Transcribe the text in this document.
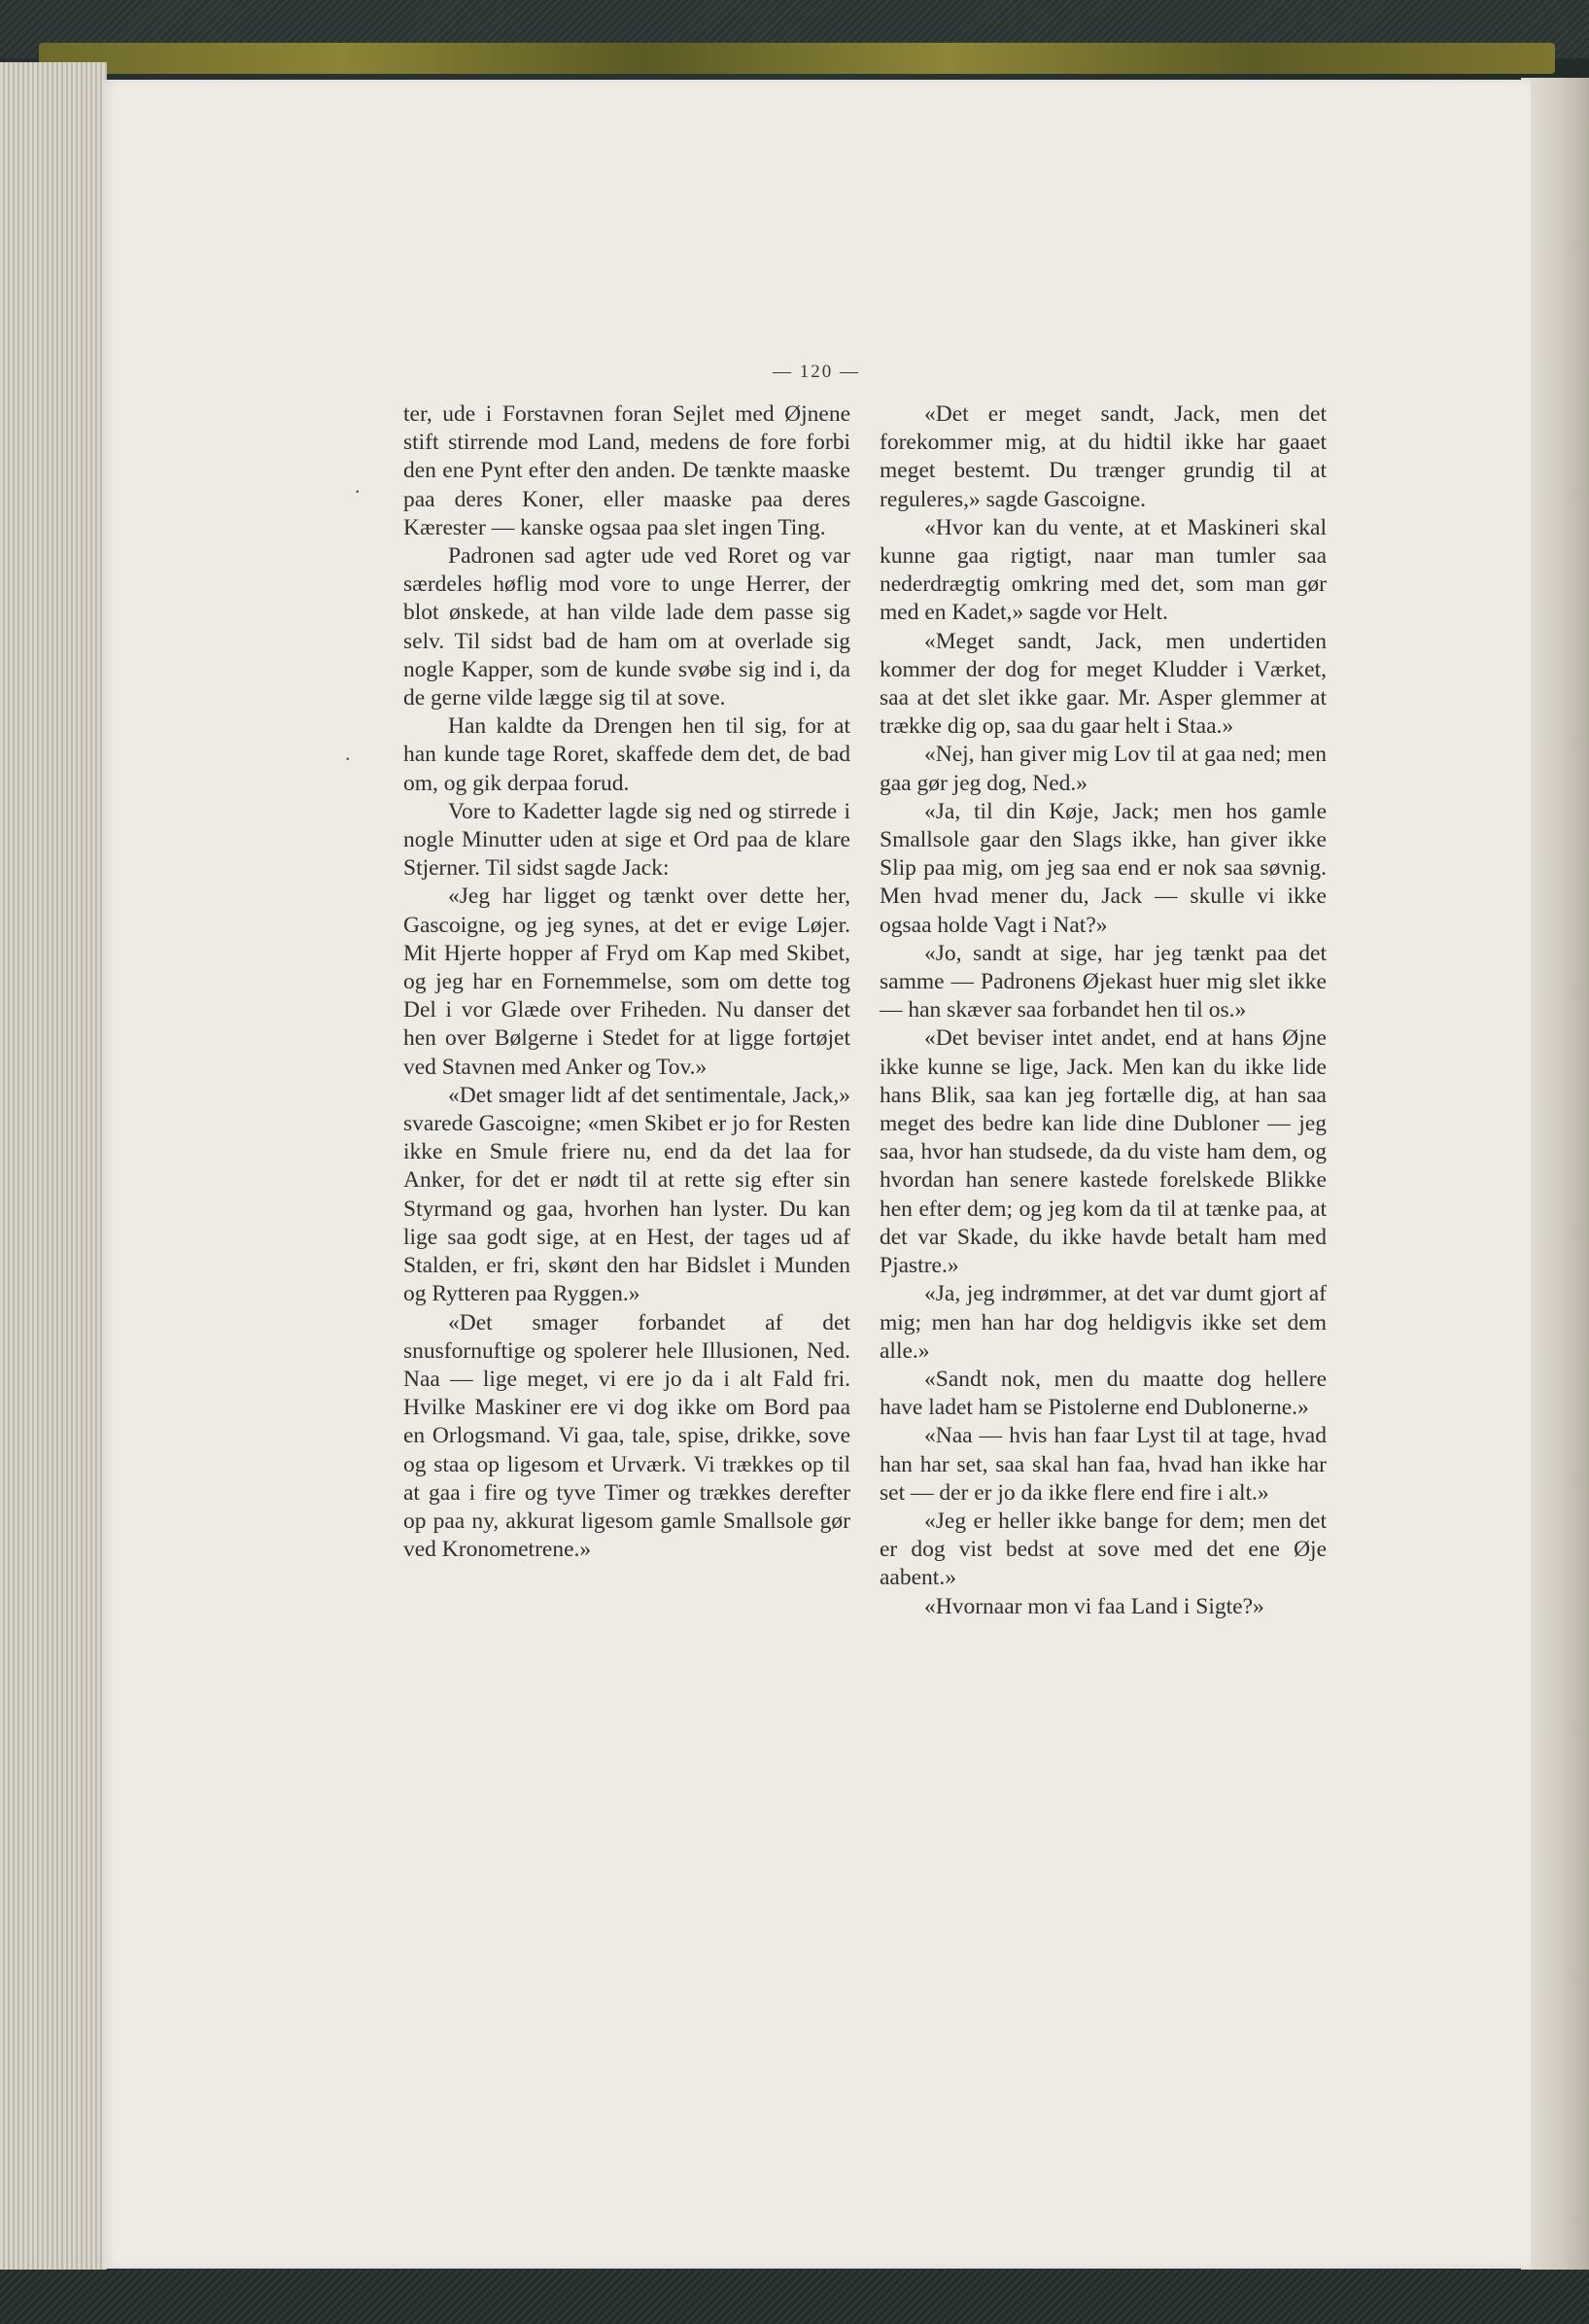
— 120 —
.
.

ter, ude i Forstavnen foran Sejlet med Øjnene stift stirrende mod Land, medens de fore forbi den ene Pynt efter den anden. De tænkte maaske paa deres Koner, eller maaske paa deres Kærester — kanske ogsaa paa slet ingen Ting.

Padronen sad agter ude ved Roret og var særdeles høflig mod vore to unge Herrer, der blot ønskede, at han vilde lade dem passe sig selv. Til sidst bad de ham om at overlade sig nogle Kapper, som de kunde svøbe sig ind i, da de gerne vilde lægge sig til at sove.

Han kaldte da Drengen hen til sig, for at han kunde tage Roret, skaffede dem det, de bad om, og gik derpaa forud.

Vore to Kadetter lagde sig ned og stirrede i nogle Minutter uden at sige et Ord paa de klare Stjerner. Til sidst sagde Jack:

«Jeg har ligget og tænkt over dette her, Gascoigne, og jeg synes, at det er evige Løjer. Mit Hjerte hopper af Fryd om Kap med Skibet, og jeg har en Fornemmelse, som om dette tog Del i vor Glæde over Friheden. Nu danser det hen over Bølgerne i Stedet for at ligge fortøjet ved Stavnen med Anker og Tov.»

«Det smager lidt af det sentimentale, Jack,» svarede Gascoigne; «men Skibet er jo for Resten ikke en Smule friere nu, end da det laa for Anker, for det er nødt til at rette sig efter sin Styrmand og gaa, hvorhen han lyster. Du kan lige saa godt sige, at en Hest, der tages ud af Stalden, er fri, skønt den har Bidslet i Munden og Rytteren paa Ryggen.»

«Det smager forbandet af det snusfornuftige og spolerer hele Illusionen, Ned. Naa — lige meget, vi ere jo da i alt Fald fri. Hvilke Maskiner ere vi dog ikke om Bord paa en Orlogsmand. Vi gaa, tale, spise, drikke, sove og staa op ligesom et Urværk. Vi trækkes op til at gaa i fire og tyve Timer og trækkes derefter op paa ny, akkurat ligesom gamle Smallsole gør ved Kronometrene.»

«Det er meget sandt, Jack, men det forekommer mig, at du hidtil ikke har gaaet meget bestemt. Du trænger grundig til at reguleres,» sagde Gascoigne.

«Hvor kan du vente, at et Maskineri skal kunne gaa rigtigt, naar man tumler saa nederdrægtig omkring med det, som man gør med en Kadet,» sagde vor Helt.

«Meget sandt, Jack, men undertiden kommer der dog for meget Kludder i Værket, saa at det slet ikke gaar. Mr. Asper glemmer at trække dig op, saa du gaar helt i Staa.»

«Nej, han giver mig Lov til at gaa ned; men gaa gør jeg dog, Ned.»

«Ja, til din Køje, Jack; men hos gamle Smallsole gaar den Slags ikke, han giver ikke Slip paa mig, om jeg saa end er nok saa søvnig. Men hvad mener du, Jack — skulle vi ikke ogsaa holde Vagt i Nat?»

«Jo, sandt at sige, har jeg tænkt paa det samme — Padronens Øjekast huer mig slet ikke — han skæver saa forbandet hen til os.»

«Det beviser intet andet, end at hans Øjne ikke kunne se lige, Jack. Men kan du ikke lide hans Blik, saa kan jeg fortælle dig, at han saa meget des bedre kan lide dine Dubloner — jeg saa, hvor han studsede, da du viste ham dem, og hvordan han senere kastede forelskede Blikke hen efter dem; og jeg kom da til at tænke paa, at det var Skade, du ikke havde betalt ham med Pjastre.»

«Ja, jeg indrømmer, at det var dumt gjort af mig; men han har dog heldigvis ikke set dem alle.»

«Sandt nok, men du maatte dog hellere have ladet ham se Pistolerne end Dublonerne.»

«Naa — hvis han faar Lyst til at tage, hvad han har set, saa skal han faa, hvad han ikke har set — der er jo da ikke flere end fire i alt.»

«Jeg er heller ikke bange for dem; men det er dog vist bedst at sove med det ene Øje aabent.»

«Hvornaar mon vi faa Land i Sigte?»
